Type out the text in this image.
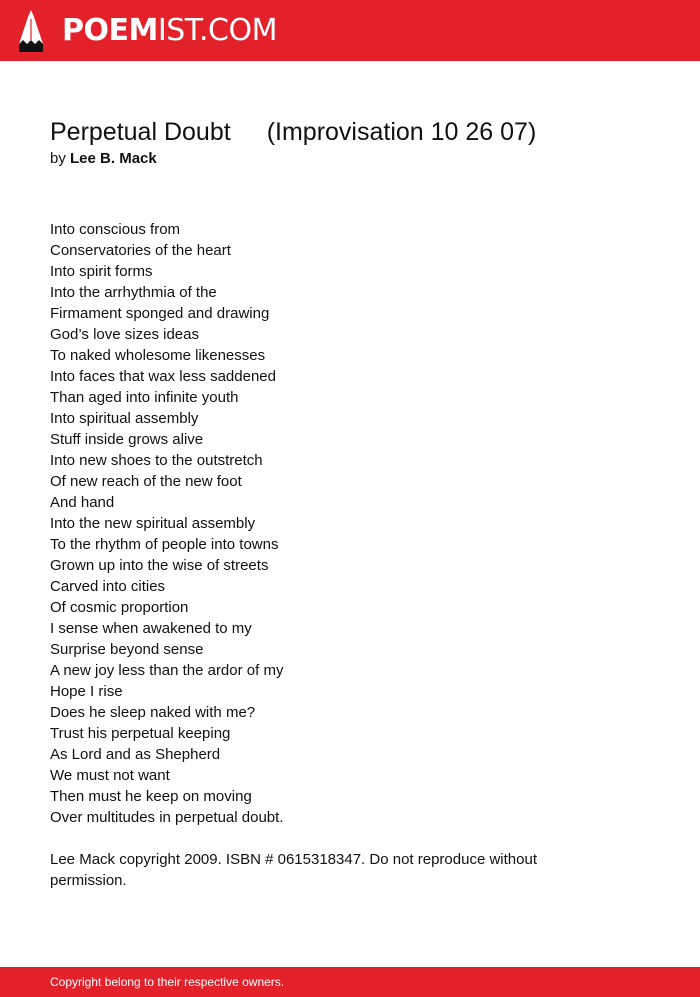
POEMIST.COM
Perpetual Doubt (Improvisation 10 26 07)
by Lee B. Mack
Into conscious from
Conservatories of the heart
Into spirit forms
Into the arrhythmia of the
Firmament sponged and drawing
God’s love sizes ideas
To naked wholesome likenesses
Into faces that wax less saddened
Than aged into infinite youth
Into spiritual assembly
Stuff inside grows alive
Into new shoes to the outstretch
Of new reach of the new foot
And hand
Into the new spiritual assembly
To the rhythm of people into towns
Grown up into the wise of streets
Carved into cities
Of cosmic proportion
I sense when awakened to my
Surprise beyond sense
A new joy less than the ardor of my
Hope I rise
Does he sleep naked with me?
Trust his perpetual keeping
As Lord and as Shepherd
We must not want
Then must he keep on moving
Over multitudes in perpetual doubt.
Lee Mack copyright 2009. ISBN # 0615318347. Do not reproduce without permission.
Copyright belong to their respective owners.
